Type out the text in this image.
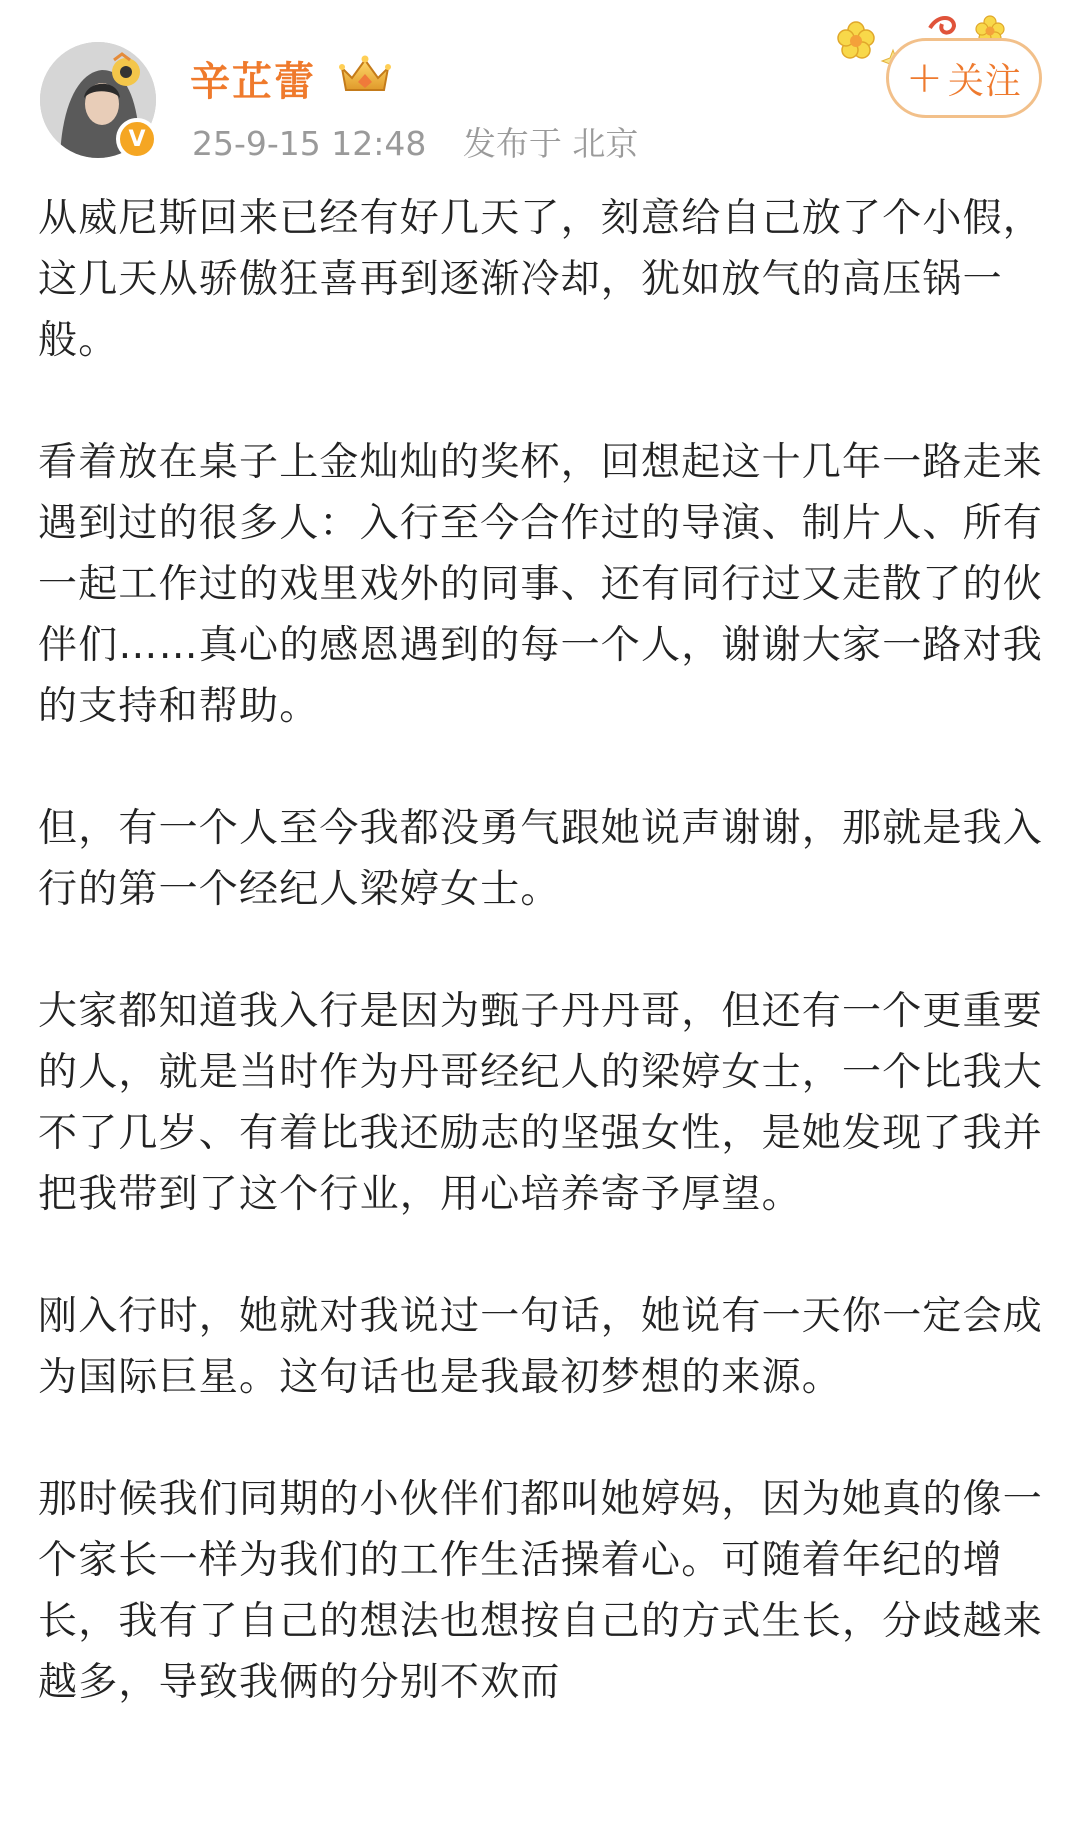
V
辛芷蕾
25-9-15 12:48 发布于 北京
+ 关注

从威尼斯回来已经有好几天了，刻意给自己放了个小假，这几天从骄傲狂喜再到逐渐冷却，犹如放气的高压锅一般。

看着放在桌子上金灿灿的奖杯，回想起这十几年一路走来遇到过的很多人：入行至今合作过的导演、制片人、所有一起工作过的戏里戏外的同事、还有同行过又走散了的伙伴们……真心的感恩遇到的每一个人，谢谢大家一路对我的支持和帮助。

但，有一个人至今我都没勇气跟她说声谢谢，那就是我入行的第一个经纪人梁婷女士。

大家都知道我入行是因为甄子丹丹哥，但还有一个更重要的人，就是当时作为丹哥经纪人的梁婷女士，一个比我大不了几岁、有着比我还励志的坚强女性，是她发现了我并把我带到了这个行业，用心培养寄予厚望。

刚入行时，她就对我说过一句话，她说有一天你一定会成为国际巨星。这句话也是我最初梦想的来源。

那时候我们同期的小伙伴们都叫她婷妈，因为她真的像一个家长一样为我们的工作生活操着心。可随着年纪的增长，我有了自己的想法也想按自己的方式生长，分歧越来越多，导致我俩的分别不欢而
